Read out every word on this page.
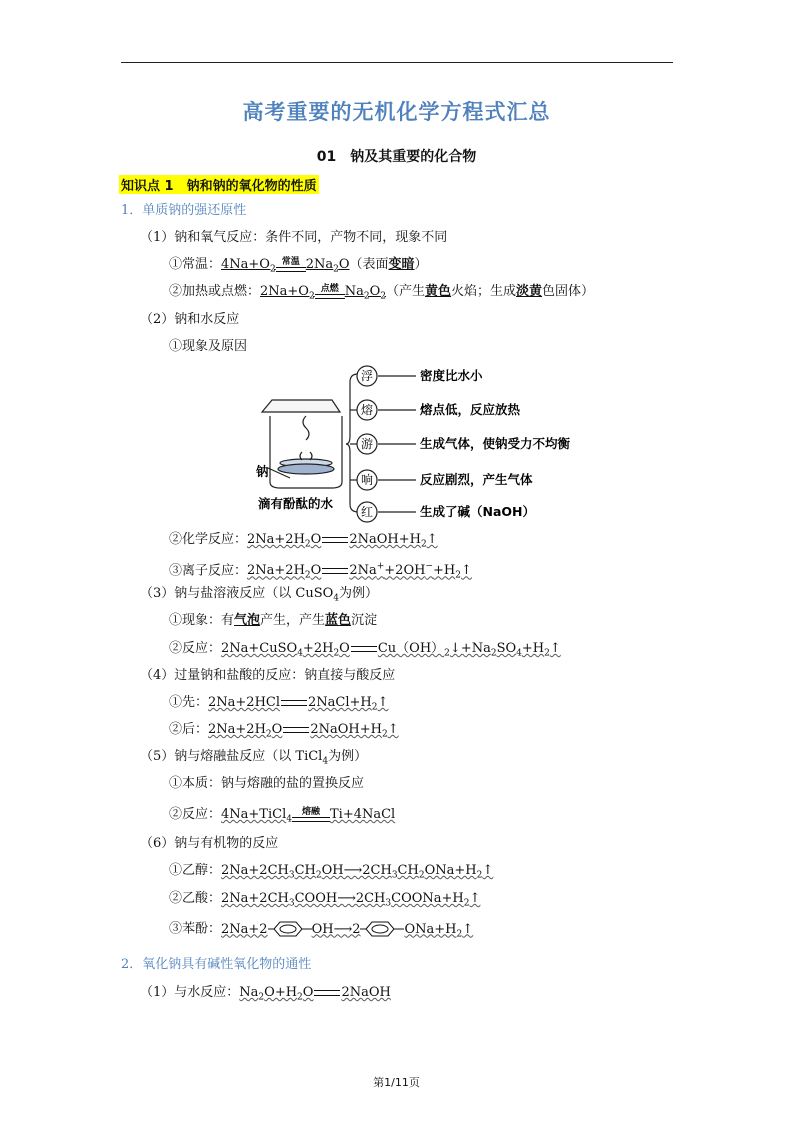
高考重要的无机化学方程式汇总
01　钠及其重要的化合物
知识点 1　钠和钠的氧化物的性质
1．单质钠的强还原性
（1）钠和氧气反应：条件不同，产物不同，现象不同
①常温：$4Na+O_2$
常温 $2Na_2O$（表面变暗）
②加热或点燃：$2Na+O_2$
点燃 $Na_2O_2$（产生黄色火焰；生成淡黄色固体）
（2）钠和水反应
①现象及原因
钠
滴有酚酞的水
浮	密度比水小
熔	熔点低，反应放热
游	生成气体，使钠受力不均衡
响	反应剧烈，产生气体
红	生成了碱（NaOH）
②化学反应：$2Na+2H_2O$ $2NaOH+H_2↑$
③离子反应：$2Na+2H_2O$ $2Na^++2OH^-+H_2↑$
（3）钠与盐溶液反应（以 CuSO$_4$为例）
①现象：有气泡产生，产生蓝色沉淀
②反应：$2Na+CuSO_4+2H_2O$ $Cu(OH)_2↓+Na_2SO_4+H_2↑$
（4）过量钠和盐酸的反应：钠直接与酸反应
①先：2Na+2HCl $2NaCl+H_2↑$
②后：$2Na+2H_2O$ $2NaOH+H_2↑$
（5）钠与熔融盐反应（以 TiCl$_4$为例）
①本质：钠与熔融的盐的置换反应
②反应：4Na+TiCl$_4$
熔融 Ti+4NaCl
（6）钠与有机物的反应
①乙醇：$2Na+2CH_3CH_2OH⟶2CH_3CH_2ONa+H_2↑$
②乙酸：$2Na+2CH_3COOH⟶2CH_3COONa+H_2↑$
③苯酚：2Na+2	OH⟶2	$ONa+H_2↑$
2．氧化钠具有碱性氧化物的通性
（1）与水反应：$Na_2O+H_2O$ 2NaOH
第1/11页
